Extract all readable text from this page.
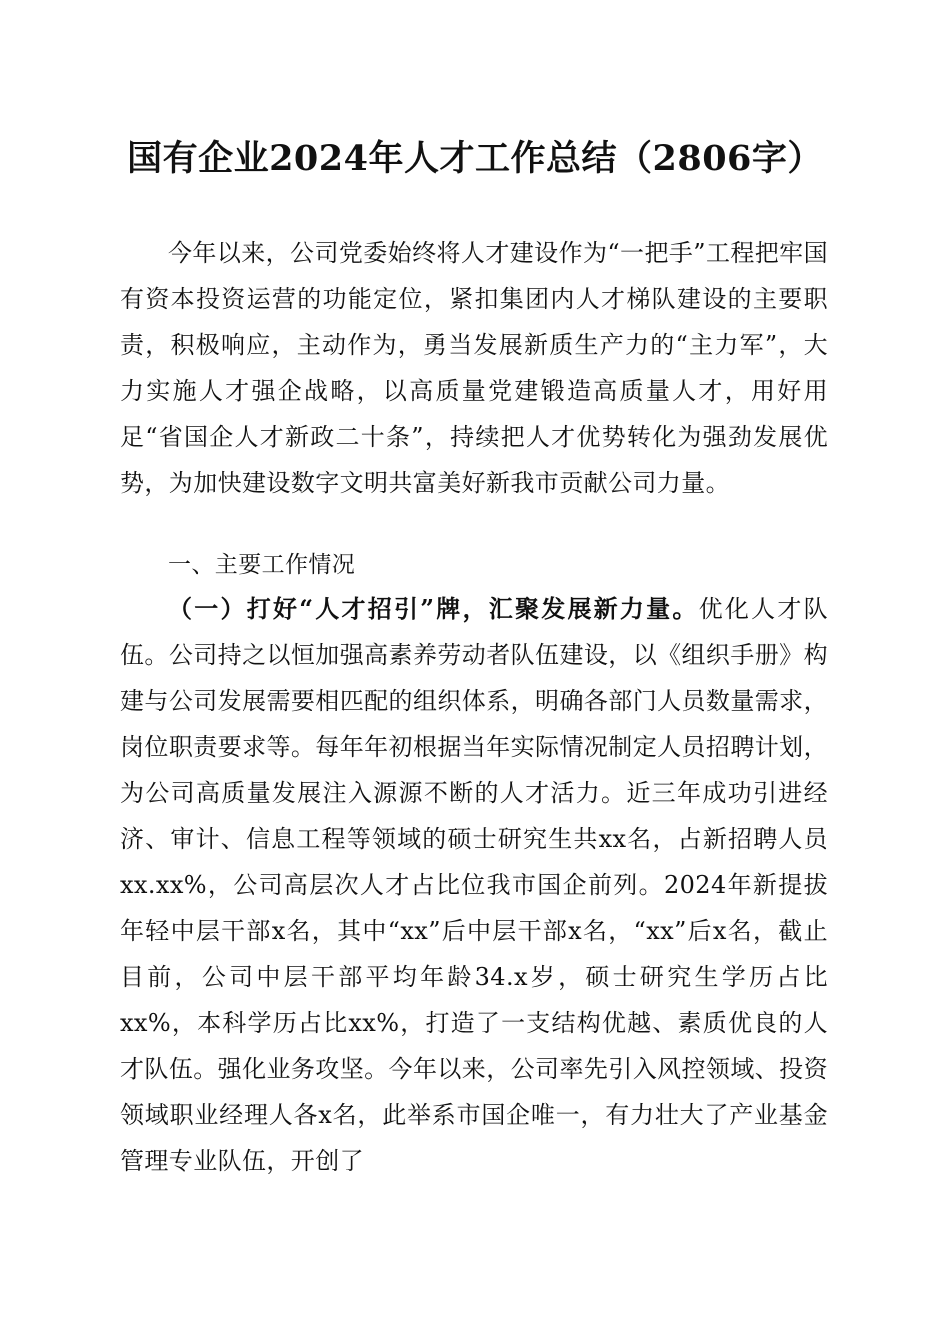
国有企业2024年人才工作总结（2806字）

今年以来，公司党委始终将人才建设作为“一把手”工程把牢国有资本投资运营的功能定位，紧扣集团内人才梯队建设的主要职责，积极响应，主动作为，勇当发展新质生产力的“主力军”，大力实施人才强企战略，以高质量党建锻造高质量人才，用好用足“省国企人才新政二十条”，持续把人才优势转化为强劲发展优势，为加快建设数字文明共富美好新我市贡献公司力量。

一、主要工作情况

（一）打好“人才招引”牌，汇聚发展新力量。优化人才队伍。公司持之以恒加强高素养劳动者队伍建设，以《组织手册》构建与公司发展需要相匹配的组织体系，明确各部门人员数量需求，岗位职责要求等。每年年初根据当年实际情况制定人员招聘计划，为公司高质量发展注入源源不断的人才活力。近三年成功引进经济、审计、信息工程等领域的硕士研究生共xx名，占新招聘人员xx.xx%，公司高层次人才占比位我市国企前列。2024年新提拔年轻中层干部x名，其中“xx”后中层干部x名，“xx”后x名，截止目前，公司中层干部平均年龄34.x岁，硕士研究生学历占比xx%，本科学历占比xx%，打造了一支结构优越、素质优良的人才队伍。强化业务攻坚。今年以来，公司率先引入风控领域、投资领域职业经理人各x名，此举系市国企唯一，有力壮大了产业基金管理专业队伍，开创了
